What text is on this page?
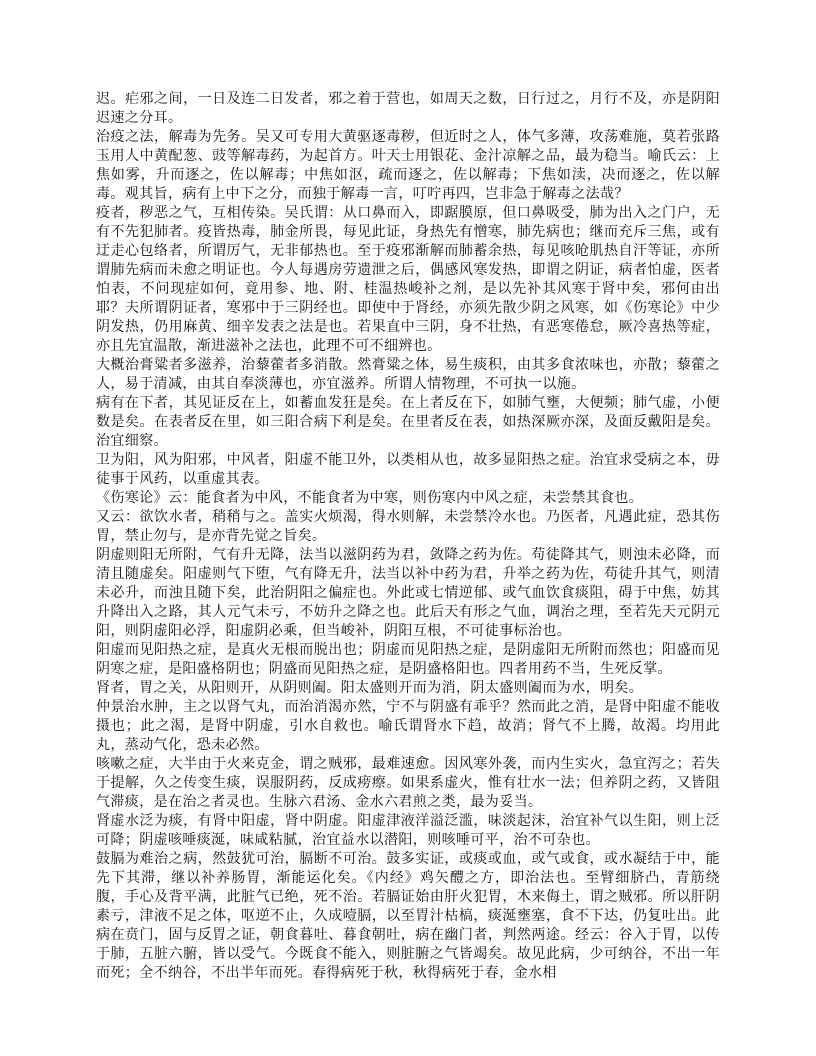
迟。疟邪之间，一日及连二日发者，邪之着于营也，如周天之数，日行过之，月行不及，亦是阴阳迟速之分耳。

治疫之法，解毒为先务。吴又可专用大黄驱逐毒秽，但近时之人，体气多薄，攻荡难施，莫若张路玉用人中黄配葱、豉等解毒药，为起首方。叶天士用银花、金汁凉解之品，最为稳当。喻氏云：上焦如雾，升而逐之，佐以解毒；中焦如沤，疏而逐之，佐以解毒；下焦如渎，决而逐之，佐以解毒。观其旨，病有上中下之分，而独于解毒一言，叮咛再四，岂非急于解毒之法哉？

疫者，秽恶之气，互相传染。吴氏谓：从口鼻而入，即踞膜原，但口鼻吸受，肺为出入之门户，无有不先犯肺者。疫皆热毒，肺金所畏，每见此证，身热先有憎寒，肺先病也；继而充斥三焦，或有迂走心包络者，所谓厉气，无非郁热也。至于疫邪渐解而肺蓄余热，每见咳呛肌热自汗等证，亦所谓肺先病而未愈之明证也。今人每遇房劳遗泄之后，偶感风寒发热，即谓之阴证，病者怕虚，医者怕表，不问现症如何，竟用参、地、附、桂温热峻补之剂，是以先补其风寒于肾中矣，邪何由出耶？夫所谓阴证者，寒邪中于三阴经也。即使中于肾经，亦须先散少阴之风寒，如《伤寒论》中少阴发热，仍用麻黄、细辛发表之法是也。若果直中三阴，身不壮热，有恶寒倦怠，厥冷喜热等症，亦且先宜温散，渐进滋补之法也，此理不可不细辨也。

大概治膏粱者多滋养，治藜藿者多消散。然膏粱之体，易生痰积，由其多食浓味也，亦散；藜藿之人，易于清减，由其自奉淡薄也，亦宜滋养。所谓人情物理，不可执一以施。

病有在下者，其见证反在上，如蓄血发狂是矣。在上者反在下，如肺气壅，大便频；肺气虚，小便数是矣。在表者反在里，如三阳合病下利是矣。在里者反在表，如热深厥亦深，及面反戴阳是矣。治宜细察。

卫为阳，风为阳邪，中风者，阳虚不能卫外，以类相从也，故多显阳热之症。治宜求受病之本，毋徒事于风药，以重虚其表。

《伤寒论》云：能食者为中风，不能食者为中寒，则伤寒内中风之症，未尝禁其食也。

又云：欲饮水者，稍稍与之。盖实火烦渴，得水则解，未尝禁冷水也。乃医者，凡遇此症，恐其伤胃，禁止勿与，是亦背先觉之旨矣。

阴虚则阳无所附，气有升无降，法当以滋阴药为君，敛降之药为佐。苟徒降其气，则浊未必降，而清且随虚矣。阳虚则气下堕，气有降无升，法当以补中药为君，升举之药为佐，苟徒升其气，则清未必升，而浊且随下矣，此治阴阳之偏症也。外此或七情逆郁、或气血饮食痰阻，碍于中焦，妨其升降出入之路，其人元气未亏，不妨升之降之也。此后天有形之气血，调治之理，至若先天元阴元阳，则阴虚阳必浮，阳虚阴必乘，但当峻补，阴阳互根，不可徒事标治也。

阳虚而见阳热之症，是真火无根而脱出也；阴虚而见阳热之症，是阴虚阳无所附而然也；阳盛而见阴寒之症，是阳盛格阴也；阴盛而见阳热之症，是阴盛格阳也。四者用药不当，生死反掌。

肾者，胃之关，从阳则开，从阴则阖。阳太盛则开而为消，阴太盛则阖而为水，明矣。

仲景治水肿，主之以肾气丸，而治消渴亦然，宁不与阴盛有乖乎？然而此之消，是肾中阳虚不能收摄也；此之渴，是肾中阴虚，引水自救也。喻氏谓肾水下趋，故消；肾气不上腾，故渴。均用此丸，蒸动气化，恐未必然。

咳嗽之症，大半由于火来克金，谓之贼邪，最难速愈。因风寒外袭，而内生实火，急宜泻之；若失于提解，久之传变生痰，误服阴药，反成痨瘵。如果系虚火，惟有壮水一法；但养阴之药，又皆阻气滞痰，是在治之者灵也。生脉六君汤、金水六君煎之类，最为妥当。

肾虚水泛为痰，有肾中阳虚，肾中阴虚。阳虚津液洋溢泛滥，味淡起沫，治宜补气以生阳，则上泛可降；阴虚咳唾痰涎，味咸粘腻，治宜益水以潜阳，则咳唾可平，治不可杂也。

鼓膈为难治之病，然鼓犹可治，膈断不可治。鼓多实证，或痰或血，或气或食，或水凝结于中，能先下其滞，继以补养肠胃，渐能运化矣。《内经》鸡矢醴之方，即治法也。至臂细脐凸，青筋绕腹，手心及背平满，此脏气已绝，死不治。若膈证始由肝火犯胃，木来侮土，谓之贼邪。所以肝阴素亏，津液不足之体，呕逆不止，久成噎膈，以至胃汁枯槁，痰涎壅塞，食不下达，仍复吐出。此病在贲门，固与反胃之证，朝食暮吐、暮食朝吐，病在幽门者，判然两途。经云：谷入于胃，以传于肺，五脏六腑，皆以受气。今既食不能入，则脏腑之气皆竭矣。故见此病，少可纳谷，不出一年而死；全不纳谷，不出半年而死。春得病死于秋，秋得病死于春，金水相
